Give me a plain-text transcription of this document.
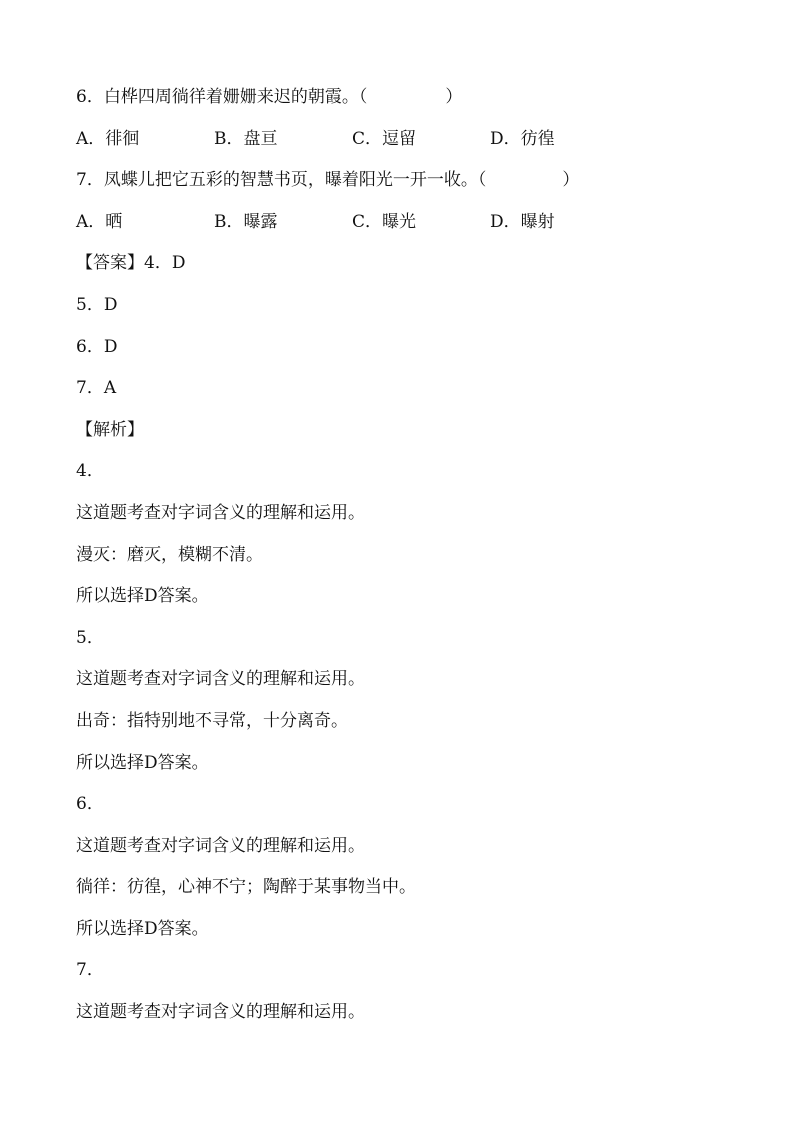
6．白桦四周徜徉着姗姗来迟的朝霞。（	）
A．徘徊	B．盘亘	C．逗留	D．彷徨
7．凤蝶儿把它五彩的智慧书页，曝着阳光一开一收。（	）
A．晒	B．曝露	C．曝光	D．曝射
【答案】4．D
5．D
6．D
7．A
【解析】
4．
这道题考查对字词含义的理解和运用。
漫灭：磨灭，模糊不清。
所以选择D答案。
5．
这道题考查对字词含义的理解和运用。
出奇：指特别地不寻常，十分离奇。
所以选择D答案。
6．
这道题考查对字词含义的理解和运用。
徜徉：彷徨，心神不宁；陶醉于某事物当中。
所以选择D答案。
7．
这道题考查对字词含义的理解和运用。
